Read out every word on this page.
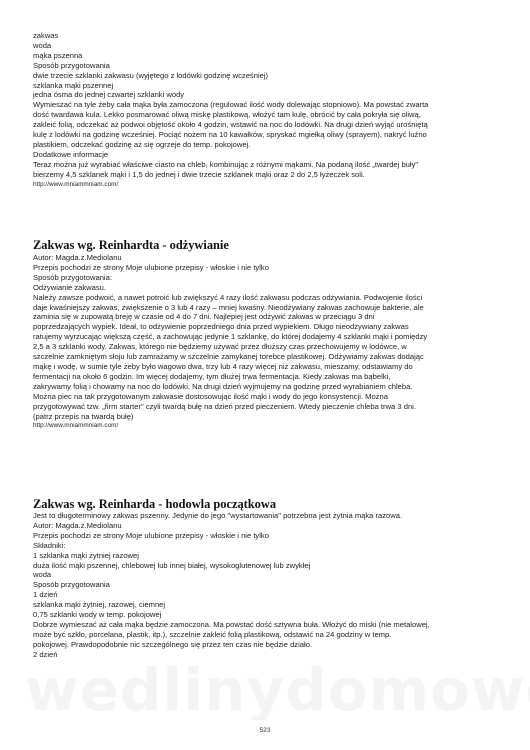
zakwas
woda
mąka pszenna
Sposób przygotowania
dwie trzecie szklanki zakwasu (wyjętego z lodówki godzinę wcześniej)
szklanka mąki pszennej
jedna ósma do jednej czwartej szklanki wody
Wymieszać na tyle żeby cała mąka była zamoczona (regulować ilość wody dolewając stopniowo). Ma powstać zwarta
dość twardawa kula. Lekko posmarować oliwą miskę plastikową, włożyć tam kulę, obrócić by cała pokryła się oliwą,
zakleić folią, odczekać aż podwoi objętość około 4 godzin, wstawić na noc do lodówki. Na drugi dzień wyjąć urośniętą
kulę z lodówki na godzinę wcześniej. Pociąć nożem na 10 kawałków, spryskać mgiełką oliwy (sprayem), nakryć luźno
plastikiem, odczekać godzinę aż się ogrzeje do temp. pokojowej.
Dodatkowe informacje
Teraz można już wyrabiać właściwe ciasto na chleb, kombinując z różnymi mąkami. Na podaną ilość „twardej buły"
bierzemy 4,5 szklanek mąki i 1,5 do jednej i dwie trzecie szklanek mąki oraz 2 do 2,5 łyżeczek soli.
http://www.mniammniam.com/
Zakwas wg. Reinhardta - odżywianie
Autor: Magda.z.Mediolanu
Przepis pochodzi ze strony Moje ulubione przepisy - włoskie i nie tylko
Sposób przygotowania:
Odżywianie zakwasu.
Należy zawsze podwoić, a nawet potroić lub zwiększyć 4 razy ilość zakwasu podczas odżywiania. Podwojenie ilości
daje kwaśniejszy zakwas, zwiększenie o 3 lub 4 razy – mniej kwaśny. Nieodżywiany zakwas zachowuje bakterie, ale
zaminia się w zupowatą breję w czasie od 4 do 7 dni. Najlepiej jest odżywić zakwas w przeciągu 3 dni
poprzedzających wypiek. Ideał, to odżywienie poprzedniego dnia przed wypiekiem. Długo nieodżywiany zakwas
ratujemy wyrzucając większą część, a zachowując jedynie 1 szklankę, do której dodajemy 4 szklanki mąki i pomiędzy
2,5 a 3 szklanki wody. Zakwas, którego nie będziemy używać przez dłuższy czas przechowujemy w lodówce, w
szczelnie zamkniętym słoju lub zamrażamy w szczelnie zamykanej torebce plastikowej. Odżywiamy zakwas dodając
mąkę i wodę, w sumie tyle żeby było wagowo dwa, trzy lub 4 razy więcej niż zakwasu, mieszamy, odstawiamy do
fermentacji na około 6 godzin. Im więcej dodajemy, tym dłużej trwa fermentacja. Kiedy zakwas ma bąbelki,
zakrywamy folią i chowamy na noc do lodówki. Na drugi dzień wyjmujemy na godzinę przed wyrabianiem chleba.
Można piec na tak przygotowanym zakwasie dostosowując ilość mąki i wody do jego konsystencji. Można
przygotowywać tzw. „firm starter" czyli twardą bułę na dzień przed pieczeniem. Wtedy pieczenie chleba trwa 3 dni.
(patrz przepis na twardą bułę)
http://www.mniammniam.com/
Zakwas wg. Reinharda - hodowla początkowa
Jest to długoterminowy zakwas pszenny. Jedynie do jego "wystartowania" potrzebna jest żytnia mąka razowa.
Autor: Magda.z.Mediolanu
Przepis pochodzi ze strony Moje ulubione przepisy - włoskie i nie tylko
Składniki:
1 szklanka mąki żytniej razowej
duża ilość mąki pszennej, chlebowej lub innej białej, wysokoglutenowej lub zwykłej
woda
Sposób przygotowania
1 dzień
szklanka mąki żytniej, razowej, ciemnej
0,75 szklanki wody w temp. pokojowej
Dobrze wymieszać aż cała mąka będzie zamoczona. Ma powstać dość sztywna buła. Włożyć do miski (nie metalowej,
może być szkło, porcelana, plastik, itp.), szczelnie zakleić folią plastikową, odstawić na 24 godziny w temp.
pokojowej. Prawdopodobnie nic szczególnego się przez ten czas nie będzie działo.
2 dzień
523
